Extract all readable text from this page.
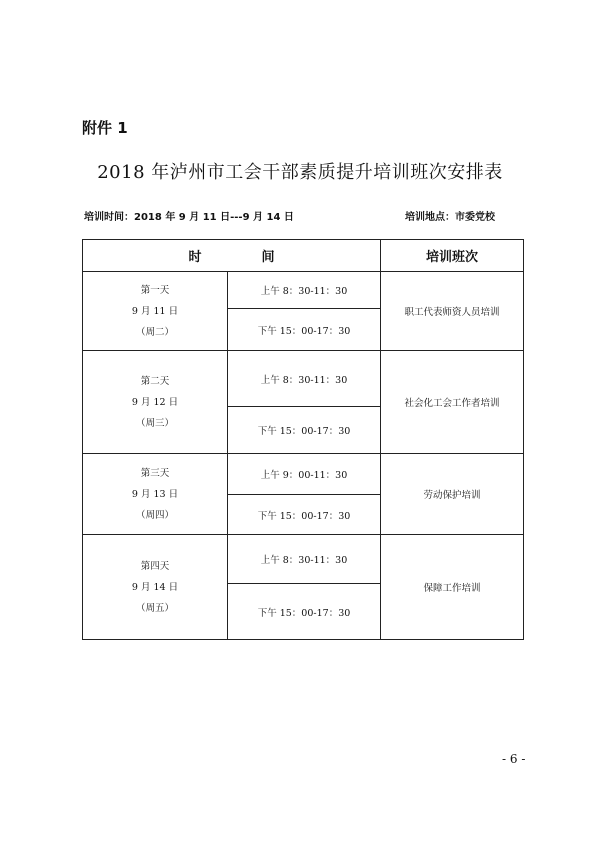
附件 1
2018 年泸州市工会干部素质提升培训班次安排表
培训时间：2018 年 9 月 11 日---9 月 14 日	培训地点：市委党校
时 间		培训班次

第一天
9 月 11 日
（周二）	上午 8：30-11：30	职工代表师资人员培训
	下午 15：00-17：30	

第二天
9 月 12 日
（周三）	上午 8：30-11：30	社会化工会工作者培训
	下午 15：00-17：30	

第三天
9 月 13 日
（周四）	上午 9：00-11：30	劳动保护培训
	下午 15：00-17：30	

第四天
9 月 14 日
（周五）	上午 8：30-11：30	保障工作培训
	下午 15：00-17：30	
- 6 -
